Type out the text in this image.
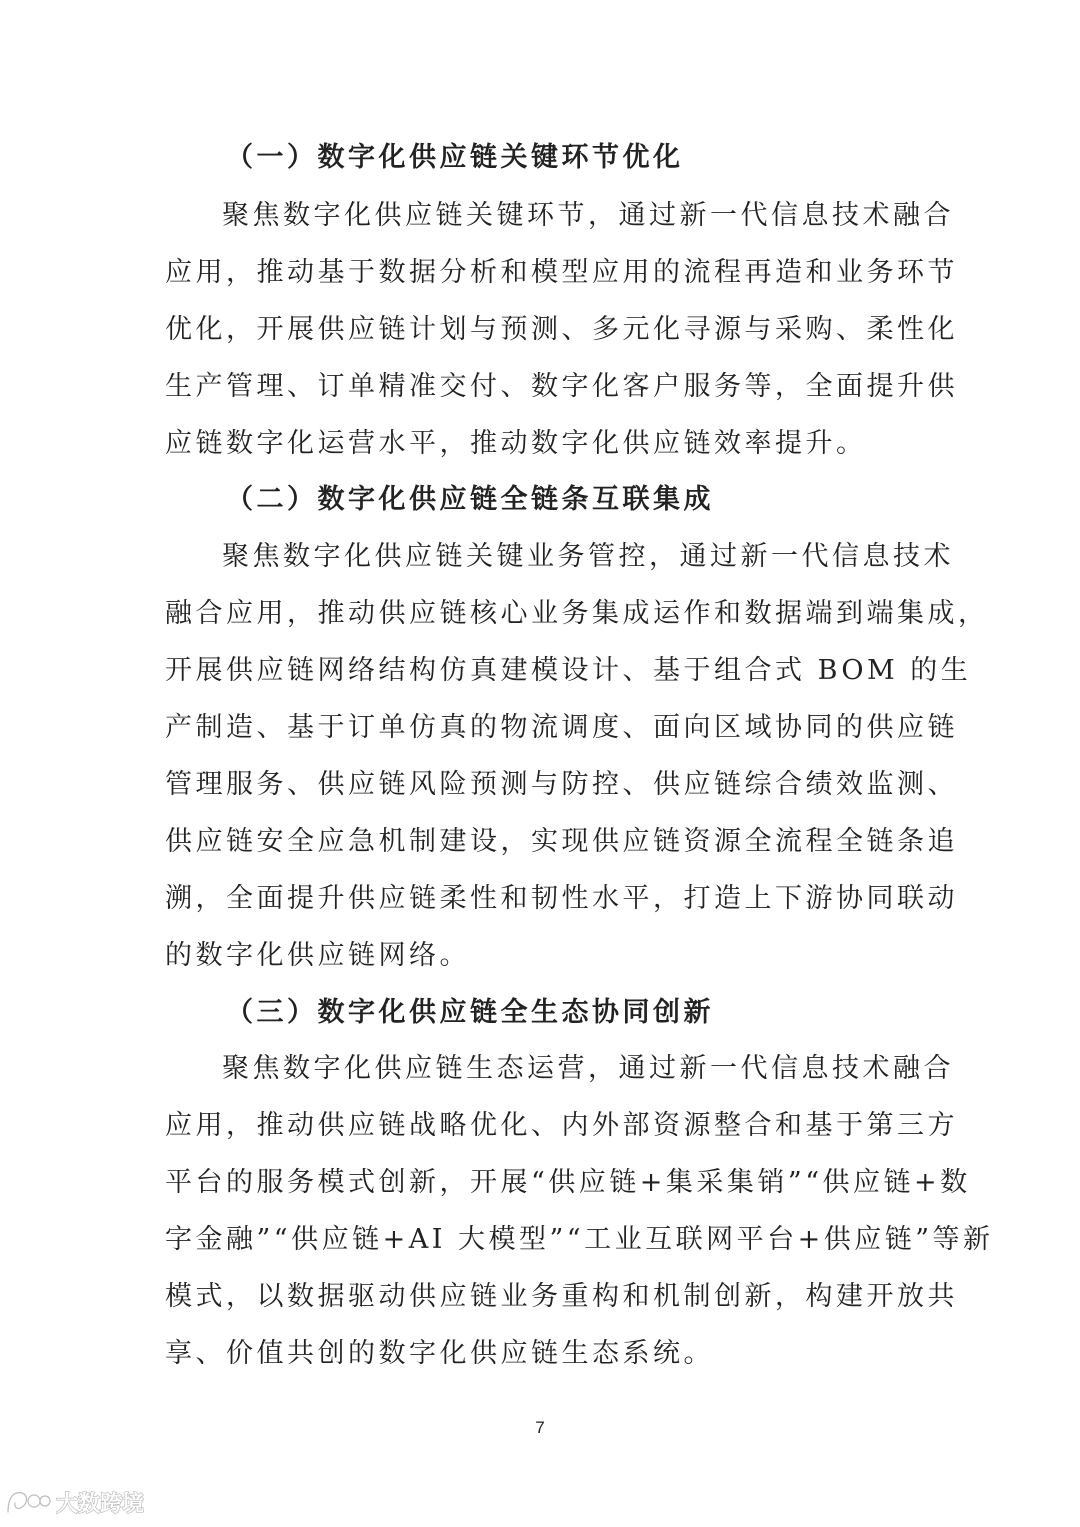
（一）数字化供应链关键环节优化
聚焦数字化供应链关键环节，通过新一代信息技术融合
应用，推动基于数据分析和模型应用的流程再造和业务环节
优化，开展供应链计划与预测、多元化寻源与采购、柔性化
生产管理、订单精准交付、数字化客户服务等，全面提升供
应链数字化运营水平，推动数字化供应链效率提升。
（二）数字化供应链全链条互联集成
聚焦数字化供应链关键业务管控，通过新一代信息技术
融合应用，推动供应链核心业务集成运作和数据端到端集成，
开展供应链网络结构仿真建模设计、基于组合式 BOM 的生
产制造、基于订单仿真的物流调度、面向区域协同的供应链
管理服务、供应链风险预测与防控、供应链综合绩效监测、
供应链安全应急机制建设，实现供应链资源全流程全链条追
溯，全面提升供应链柔性和韧性水平，打造上下游协同联动
的数字化供应链网络。
（三）数字化供应链全生态协同创新
聚焦数字化供应链生态运营，通过新一代信息技术融合
应用，推动供应链战略优化、内外部资源整合和基于第三方
平台的服务模式创新，开展“供应链+集采集销”“供应链+数
字金融”“供应链+AI 大模型”“工业互联网平台+供应链”等新
模式，以数据驱动供应链业务重构和机制创新，构建开放共
享、价值共创的数字化供应链生态系统。
7
大数跨境
